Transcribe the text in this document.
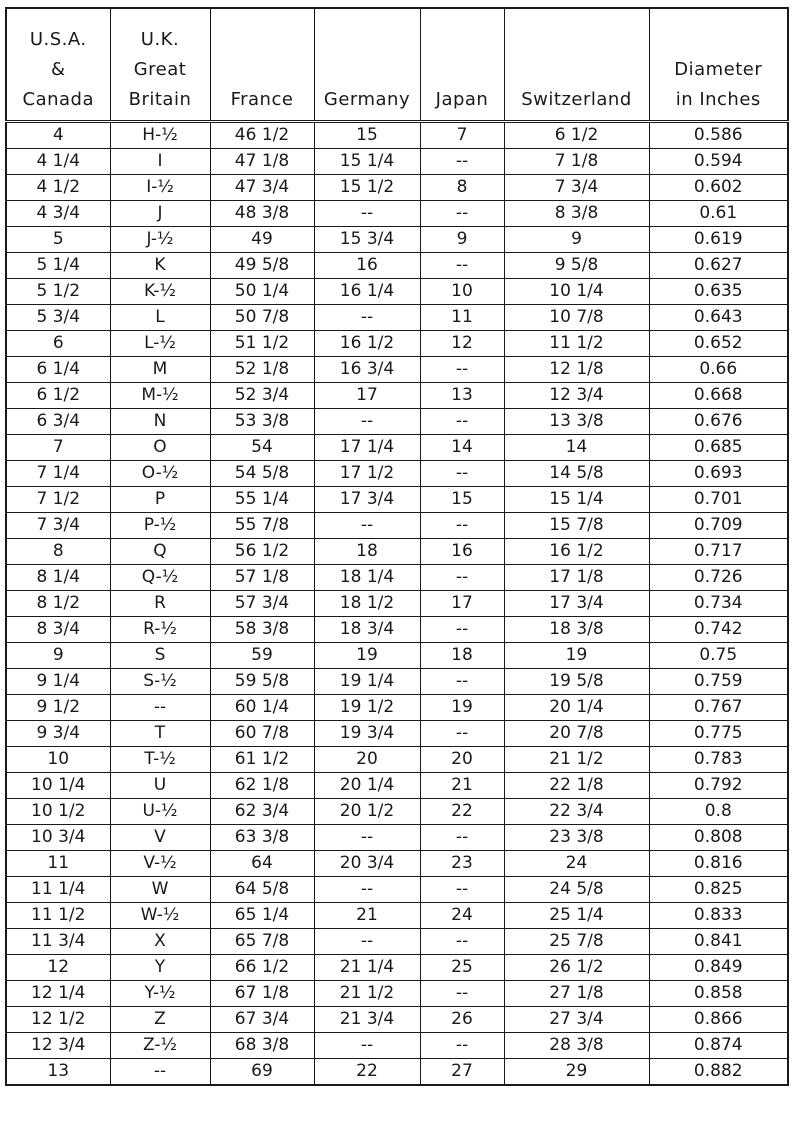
U.S.A.
&
Canada	U.K.
Great
Britain	France	Germany	Japan	Switzerland	Diameter
in Inches

4	H-½	46 1/2	15	7	6 1/2	0.586
4 1/4	I	47 1/8	15 1/4	--	7 1/8	0.594
4 1/2	I-½	47 3/4	15 1/2	8	7 3/4	0.602
4 3/4	J	48 3/8	--	--	8 3/8	0.61
5	J-½	49	15 3/4	9	9	0.619
5 1/4	K	49 5/8	16	--	9 5/8	0.627
5 1/2	K-½	50 1/4	16 1/4	10	10 1/4	0.635
5 3/4	L	50 7/8	--	11	10 7/8	0.643
6	L-½	51 1/2	16 1/2	12	11 1/2	0.652
6 1/4	M	52 1/8	16 3/4	--	12 1/8	0.66
6 1/2	M-½	52 3/4	17	13	12 3/4	0.668
6 3/4	N	53 3/8	--	--	13 3/8	0.676
7	O	54	17 1/4	14	14	0.685
7 1/4	O-½	54 5/8	17 1/2	--	14 5/8	0.693
7 1/2	P	55 1/4	17 3/4	15	15 1/4	0.701
7 3/4	P-½	55 7/8	--	--	15 7/8	0.709
8	Q	56 1/2	18	16	16 1/2	0.717
8 1/4	Q-½	57 1/8	18 1/4	--	17 1/8	0.726
8 1/2	R	57 3/4	18 1/2	17	17 3/4	0.734
8 3/4	R-½	58 3/8	18 3/4	--	18 3/8	0.742
9	S	59	19	18	19	0.75
9 1/4	S-½	59 5/8	19 1/4	--	19 5/8	0.759
9 1/2	--	60 1/4	19 1/2	19	20 1/4	0.767
9 3/4	T	60 7/8	19 3/4	--	20 7/8	0.775
10	T-½	61 1/2	20	20	21 1/2	0.783
10 1/4	U	62 1/8	20 1/4	21	22 1/8	0.792
10 1/2	U-½	62 3/4	20 1/2	22	22 3/4	0.8
10 3/4	V	63 3/8	--	--	23 3/8	0.808
11	V-½	64	20 3/4	23	24	0.816
11 1/4	W	64 5/8	--	--	24 5/8	0.825
11 1/2	W-½	65 1/4	21	24	25 1/4	0.833
11 3/4	X	65 7/8	--	--	25 7/8	0.841
12	Y	66 1/2	21 1/4	25	26 1/2	0.849
12 1/4	Y-½	67 1/8	21 1/2	--	27 1/8	0.858
12 1/2	Z	67 3/4	21 3/4	26	27 3/4	0.866
12 3/4	Z-½	68 3/8	--	--	28 3/8	0.874
13	--	69	22	27	29	0.882
